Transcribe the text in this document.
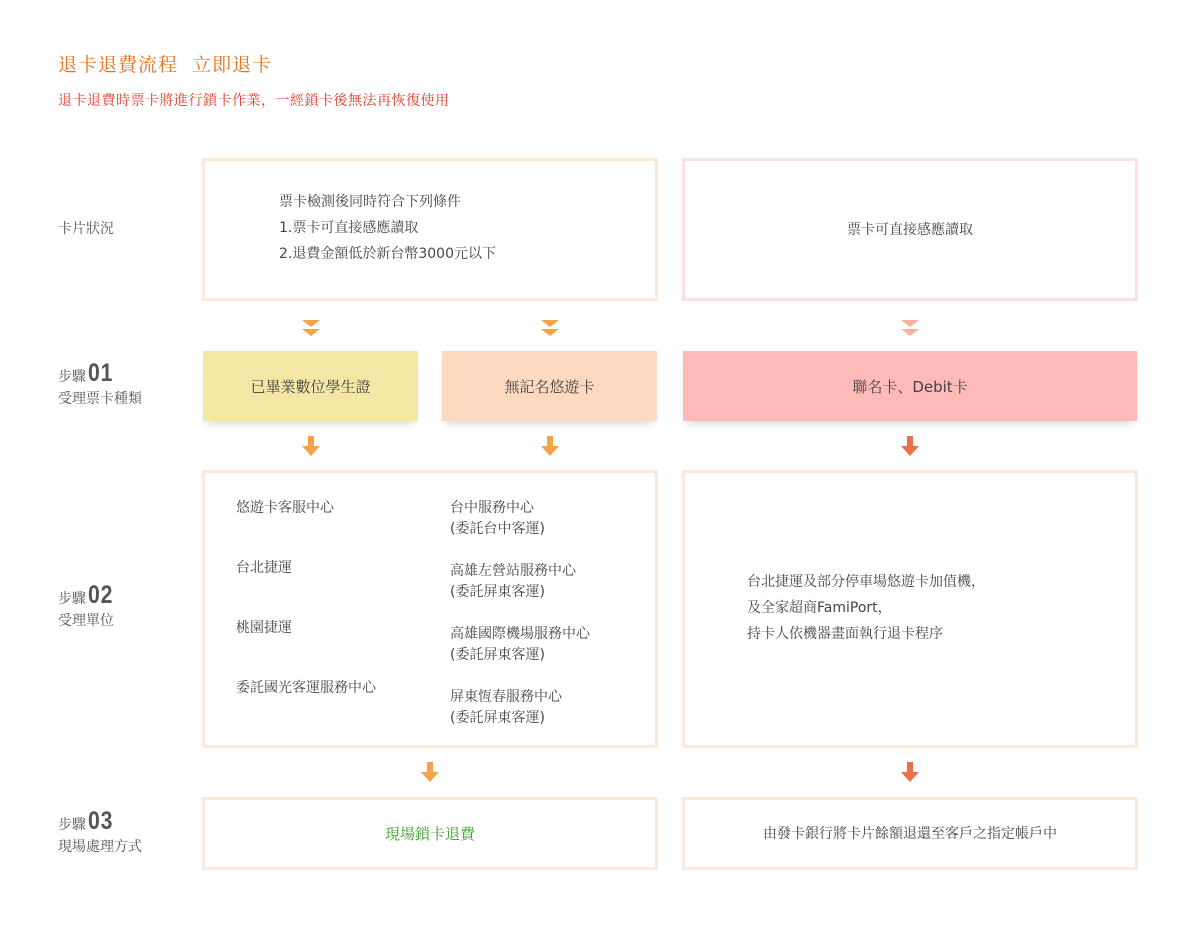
退卡退費流程  立即退卡
退卡退費時票卡將進行鎖卡作業，一經鎖卡後無法再恢復使用
卡片狀況
步驟 01
受理票卡種類
步驟 02
受理單位
步驟 03
現場處理方式
票卡檢測後同時符合下列條件
1.票卡可直接感應讀取
2.退費金額低於新台幣3000元以下
票卡可直接感應讀取
已畢業數位學生證	無記名悠遊卡	聯名卡、Debit卡
悠遊卡客服中心
台北捷運
桃園捷運
委託國光客運服務中心
台中服務中心
(委託台中客運)
高雄左營站服務中心
(委託屏東客運)
高雄國際機場服務中心
(委託屏東客運)
屏東恆春服務中心
(委託屏東客運)
台北捷運及部分停車場悠遊卡加值機，
及全家超商FamiPort，
持卡人依機器畫面執行退卡程序
現場鎖卡退費	由發卡銀行將卡片餘額退還至客戶之指定帳戶中
